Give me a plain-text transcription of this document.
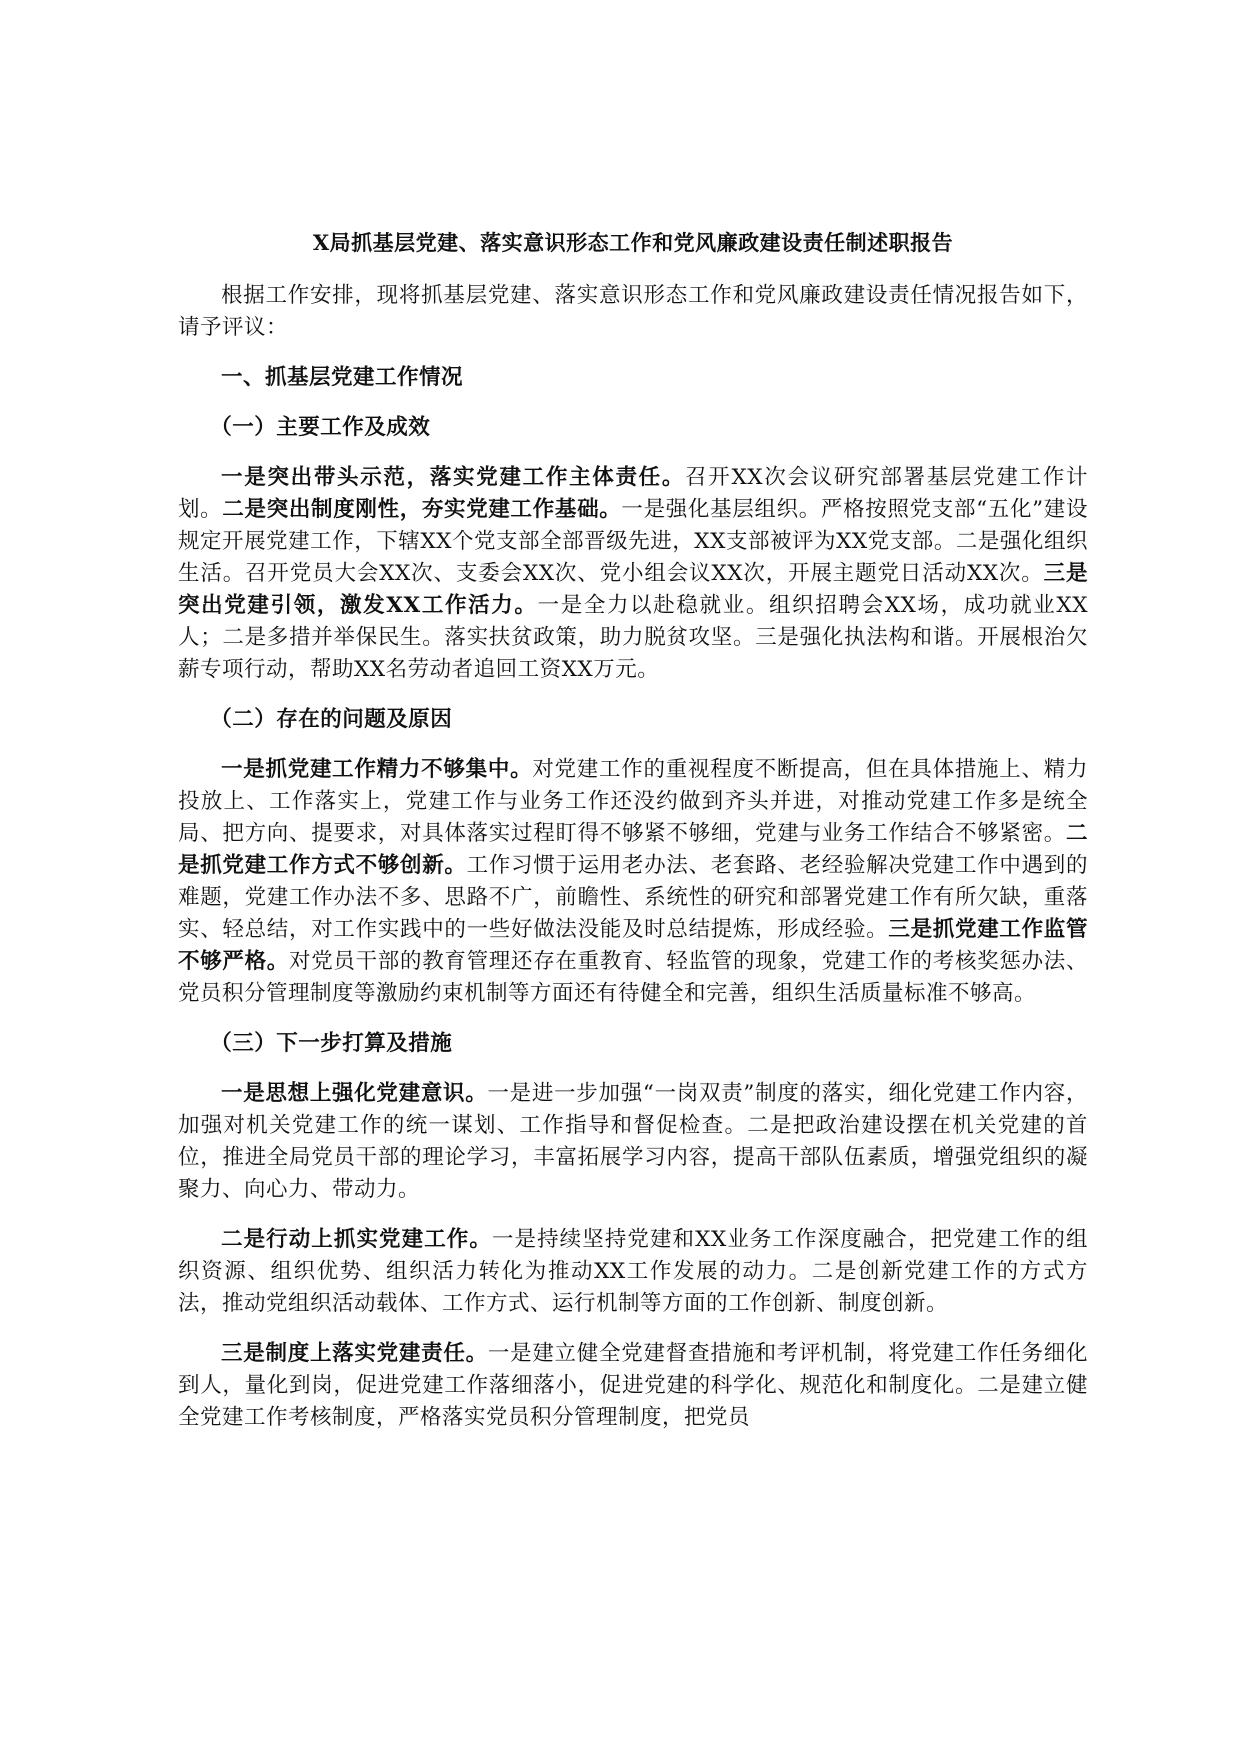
X局抓基层党建、落实意识形态工作和党风廉政建设责任制述职报告

根据工作安排，现将抓基层党建、落实意识形态工作和党风廉政建设责任情况报告如下，请予评议：

一、抓基层党建工作情况

（一）主要工作及成效

一是突出带头示范，落实党建工作主体责任。召开XX次会议研究部署基层党建工作计划。二是突出制度刚性，夯实党建工作基础。一是强化基层组织。严格按照党支部“五化”建设规定开展党建工作，下辖XX个党支部全部晋级先进，XX支部被评为XX党支部。二是强化组织生活。召开党员大会XX次、支委会XX次、党小组会议XX次，开展主题党日活动XX次。三是突出党建引领，激发XX工作活力。一是全力以赴稳就业。组织招聘会XX场，成功就业XX人；二是多措并举保民生。落实扶贫政策，助力脱贫攻坚。三是强化执法构和谐。开展根治欠薪专项行动，帮助XX名劳动者追回工资XX万元。

（二）存在的问题及原因

一是抓党建工作精力不够集中。对党建工作的重视程度不断提高，但在具体措施上、精力投放上、工作落实上，党建工作与业务工作还没约做到齐头并进，对推动党建工作多是统全局、把方向、提要求，对具体落实过程盯得不够紧不够细，党建与业务工作结合不够紧密。二是抓党建工作方式不够创新。工作习惯于运用老办法、老套路、老经验解决党建工作中遇到的难题，党建工作办法不多、思路不广，前瞻性、系统性的研究和部署党建工作有所欠缺，重落实、轻总结，对工作实践中的一些好做法没能及时总结提炼，形成经验。三是抓党建工作监管不够严格。对党员干部的教育管理还存在重教育、轻监管的现象，党建工作的考核奖惩办法、党员积分管理制度等激励约束机制等方面还有待健全和完善，组织生活质量标准不够高。

（三）下一步打算及措施

一是思想上强化党建意识。一是进一步加强“一岗双责”制度的落实，细化党建工作内容，加强对机关党建工作的统一谋划、工作指导和督促检查。二是把政治建设摆在机关党建的首位，推进全局党员干部的理论学习，丰富拓展学习内容，提高干部队伍素质，增强党组织的凝聚力、向心力、带动力。

二是行动上抓实党建工作。一是持续坚持党建和XX业务工作深度融合，把党建工作的组织资源、组织优势、组织活力转化为推动XX工作发展的动力。二是创新党建工作的方式方法，推动党组织活动载体、工作方式、运行机制等方面的工作创新、制度创新。

三是制度上落实党建责任。一是建立健全党建督查措施和考评机制，将党建工作任务细化到人，量化到岗，促进党建工作落细落小，促进党建的科学化、规范化和制度化。二是建立健全党建工作考核制度，严格落实党员积分管理制度，把党员
